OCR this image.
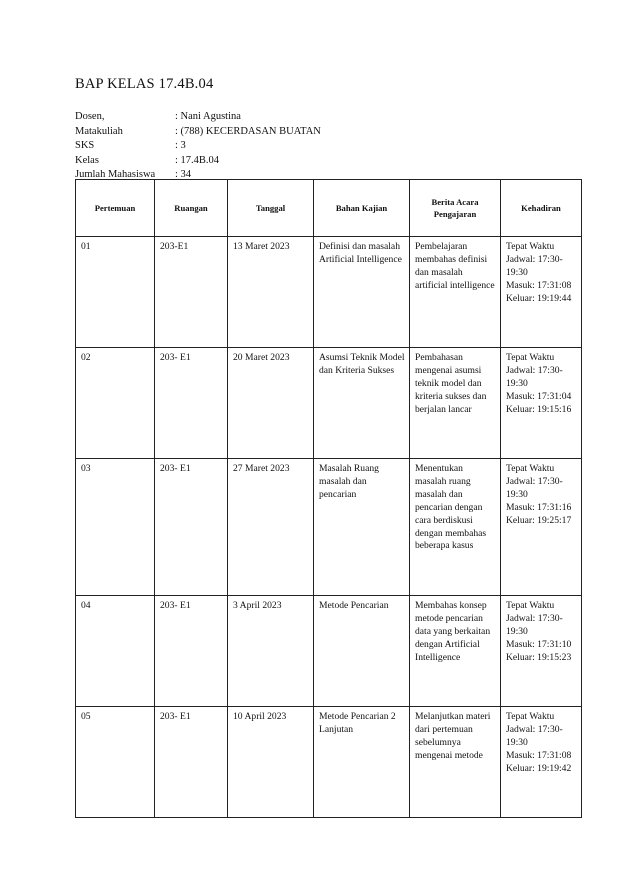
BAP KELAS 17.4B.04
Dosen,	: Nani Agustina
Matakuliah	: (788) KECERDASAN BUATAN
SKS	: 3
Kelas	: 17.4B.04
Jumlah Mahasiswa	: 34
Pertemuan	Ruangan	Tanggal	Bahan Kajian	Berita Acara Pengajaran	Kehadiran
01	203-E1	13 Maret 2023	Definisi dan masalah Artificial Intelligence	Pembelajaran membahas definisi dan masalah artificial intelligence	Tepat Waktu
Jadwal: 17:30-19:30
Masuk: 17:31:08
Keluar: 19:19:44

02	203- E1	20 Maret 2023	Asumsi Teknik Model dan Kriteria Sukses	Pembahasan mengenai asumsi teknik model dan kriteria sukses dan berjalan lancar	Tepat Waktu
Jadwal: 17:30-19:30
Masuk: 17:31:04
Keluar: 19:15:16

03	203- E1	27 Maret 2023	Masalah Ruang masalah dan pencarian	Menentukan masalah ruang masalah dan pencarian dengan cara berdiskusi dengan membahas beberapa kasus	Tepat Waktu
Jadwal: 17:30-19:30
Masuk: 17:31:16
Keluar: 19:25:17

04	203- E1	3 April 2023	Metode Pencarian	Membahas konsep metode pencarian data yang berkaitan dengan Artificial Intelligence	Tepat Waktu
Jadwal: 17:30-19:30
Masuk: 17:31:10
Keluar: 19:15:23

05	203- E1	10 April 2023	Metode Pencarian 2 Lanjutan	Melanjutkan materi dari pertemuan sebelumnya mengenai metode	Tepat Waktu
Jadwal: 17:30-19:30
Masuk: 17:31:08
Keluar: 19:19:42
